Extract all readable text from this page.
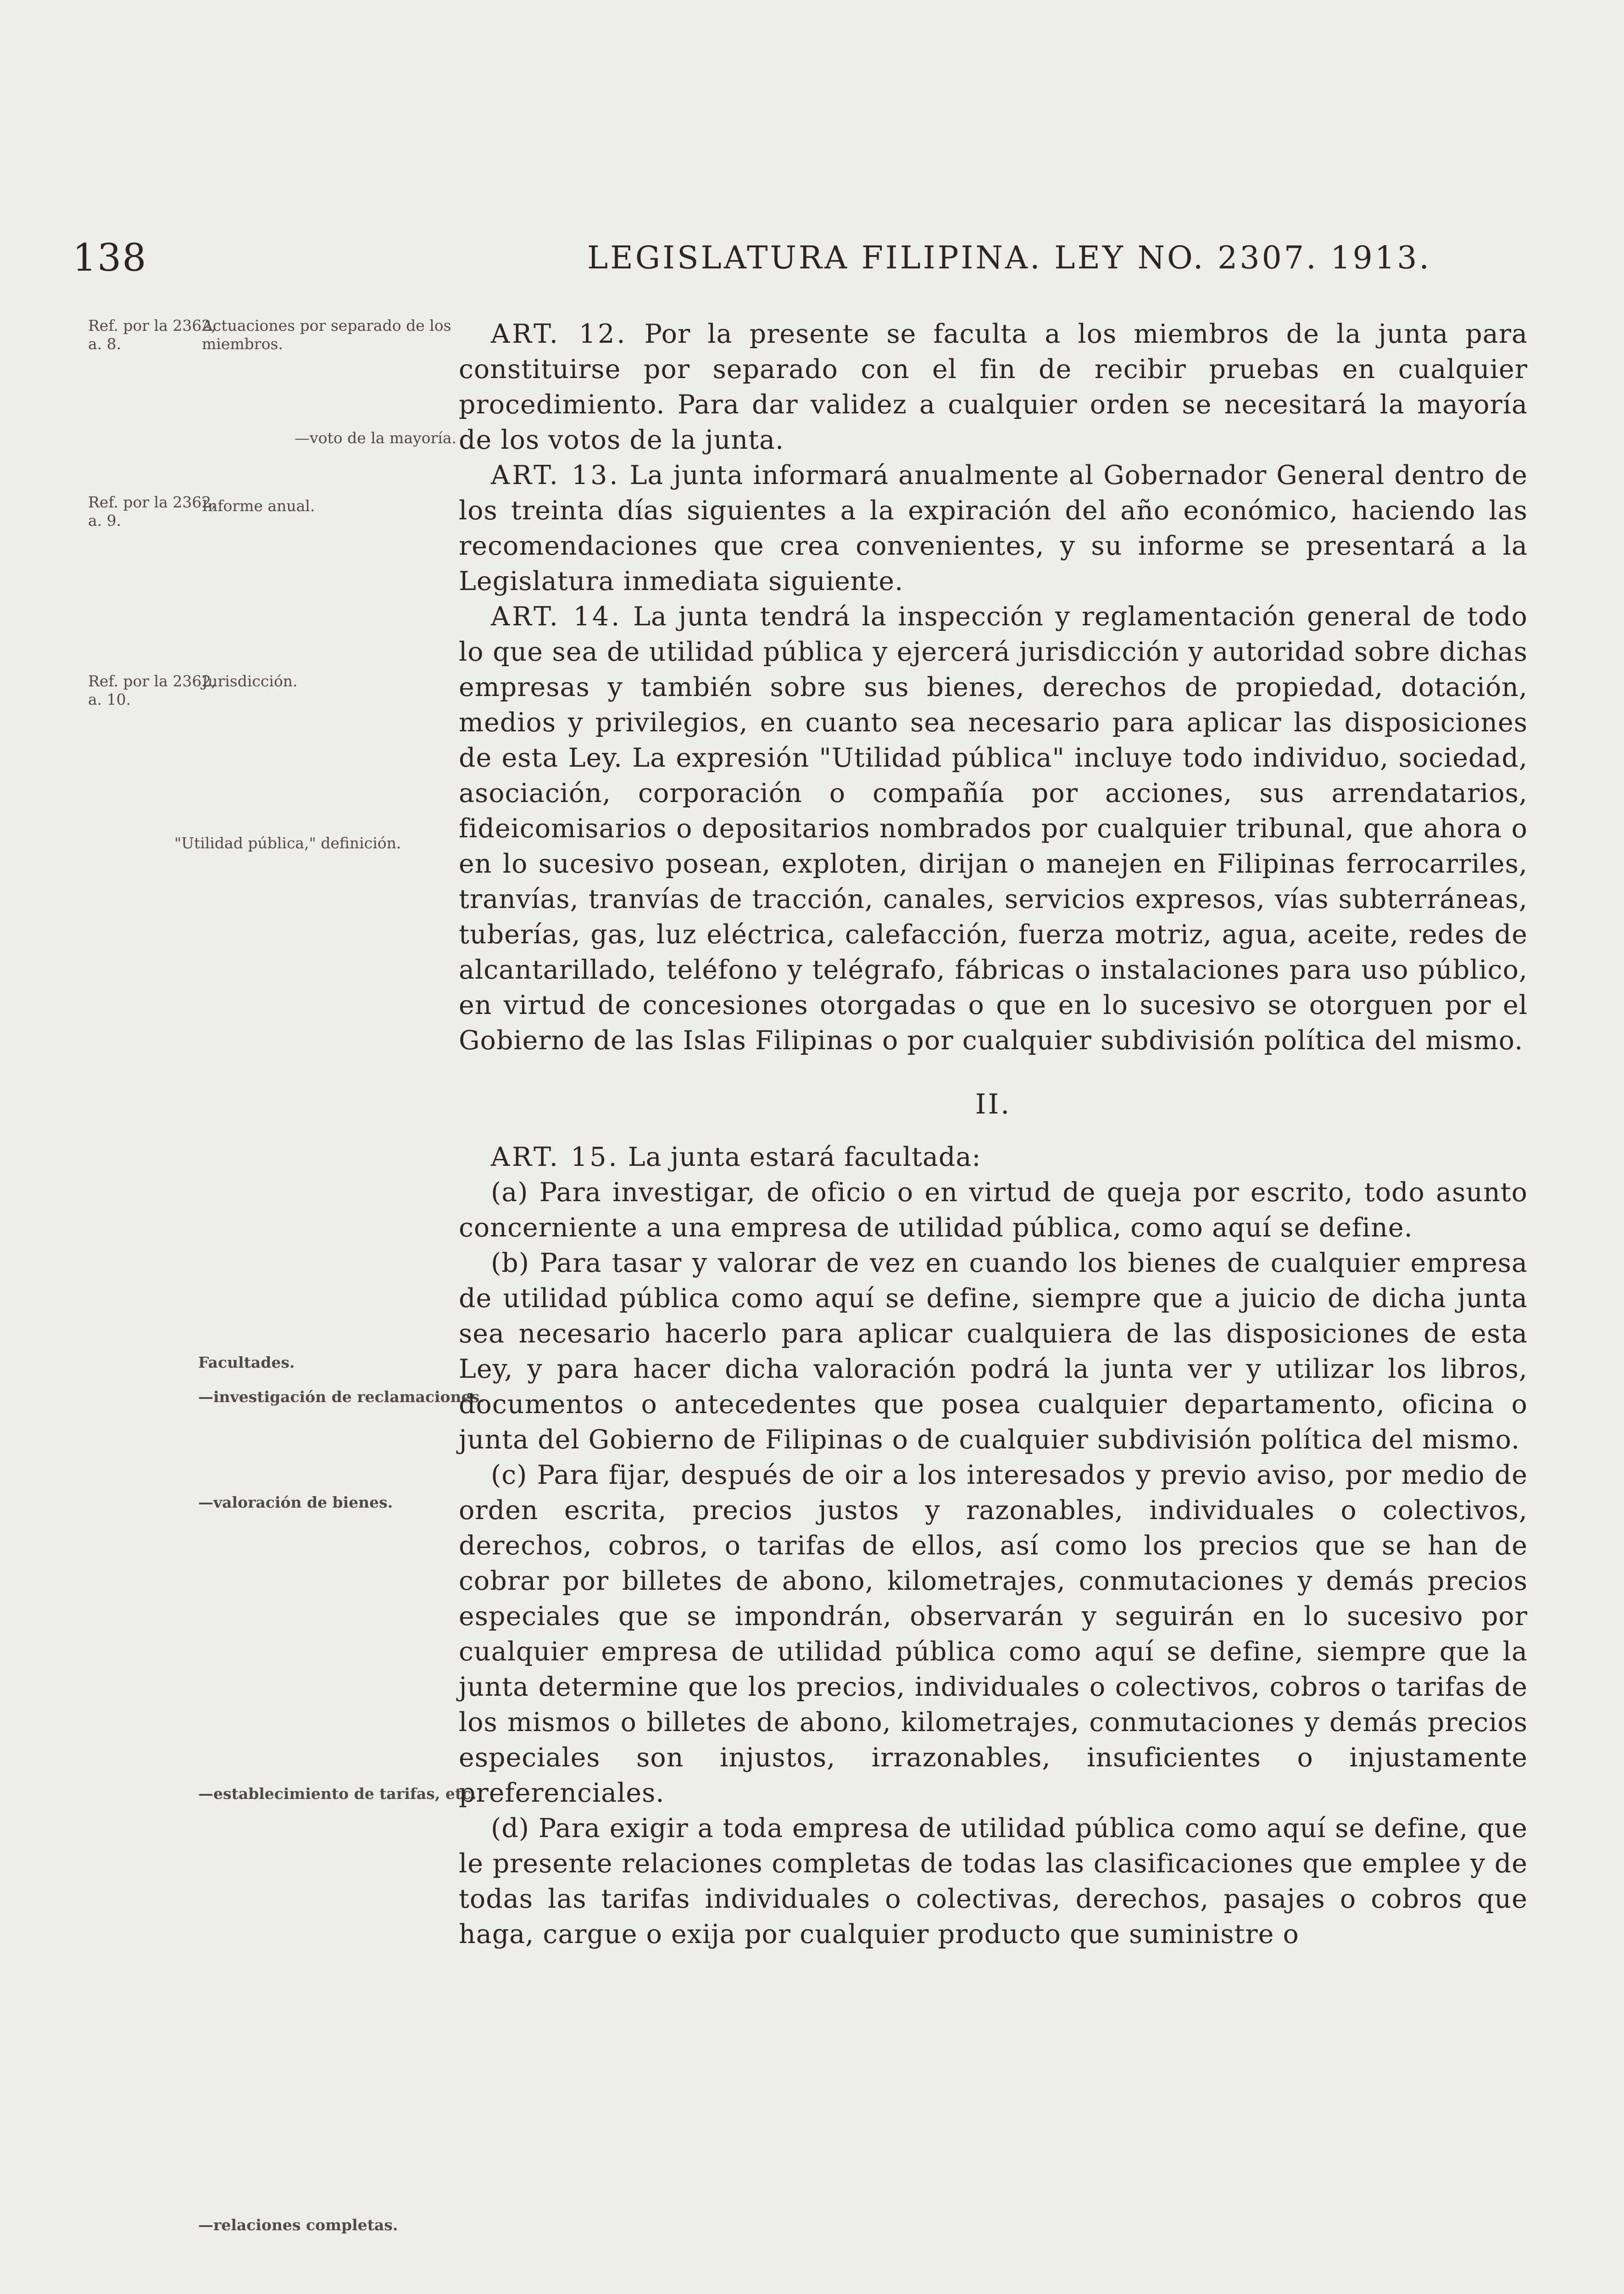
138	LEGISLATURA FILIPINA. LEY NO. 2307. 1913.
Ref. por la 2362, a. 8.
Ref. por la 2362, a. 9.
Ref. por la 2362, a. 10.
Actuaciones por separado de los miembros.
—voto de la mayoría.
Informe anual.
Jurisdicción.
"Utilidad pública," definición.
Facultades.
—investigación de reclamaciones.
—valoración de bienes.
—establecimiento de tarifas, etc.
—relaciones completas.

ART. 12. Por la presente se faculta a los miembros de la junta para constituirse por separado con el fin de recibir pruebas en cualquier procedimiento. Para dar validez a cualquier orden se necesitará la mayoría de los votos de la junta.

ART. 13. La junta informará anualmente al Gobernador General dentro de los treinta días siguientes a la expiración del año económico, haciendo las recomendaciones que crea convenientes, y su informe se presentará a la Legislatura inmediata siguiente.

ART. 14. La junta tendrá la inspección y reglamentación general de todo lo que sea de utilidad pública y ejercerá jurisdicción y autoridad sobre dichas empresas y también sobre sus bienes, derechos de propiedad, dotación, medios y privilegios, en cuanto sea necesario para aplicar las disposiciones de esta Ley. La expresión "Utilidad pública" incluye todo individuo, sociedad, asociación, corporación o compañía por acciones, sus arrendatarios, fideicomisarios o depositarios nombrados por cualquier tribunal, que ahora o en lo sucesivo posean, exploten, dirijan o manejen en Filipinas ferrocarriles, tranvías, tranvías de tracción, canales, servicios expresos, vías subterráneas, tuberías, gas, luz eléctrica, calefacción, fuerza motriz, agua, aceite, redes de alcantarillado, teléfono y telégrafo, fábricas o instalaciones para uso público, en virtud de concesiones otorgadas o que en lo sucesivo se otorguen por el Gobierno de las Islas Filipinas o por cualquier subdivisión política del mismo.

II.

ART. 15. La junta estará facultada:

(a) Para investigar, de oficio o en virtud de queja por escrito, todo asunto concerniente a una empresa de utilidad pública, como aquí se define.

(b) Para tasar y valorar de vez en cuando los bienes de cualquier empresa de utilidad pública como aquí se define, siempre que a juicio de dicha junta sea necesario hacerlo para aplicar cualquiera de las disposiciones de esta Ley, y para hacer dicha valoración podrá la junta ver y utilizar los libros, documentos o antecedentes que posea cualquier departamento, oficina o junta del Gobierno de Filipinas o de cualquier subdivisión política del mismo.

(c) Para fijar, después de oir a los interesados y previo aviso, por medio de orden escrita, precios justos y razonables, individuales o colectivos, derechos, cobros, o tarifas de ellos, así como los precios que se han de cobrar por billetes de abono, kilometrajes, conmutaciones y demás precios especiales que se impondrán, observarán y seguirán en lo sucesivo por cualquier empresa de utilidad pública como aquí se define, siempre que la junta determine que los precios, individuales o colectivos, cobros o tarifas de los mismos o billetes de abono, kilometrajes, conmutaciones y demás precios especiales son injustos, irrazonables, insuficientes o injustamente preferenciales.

(d) Para exigir a toda empresa de utilidad pública como aquí se define, que le presente relaciones completas de todas las clasificaciones que emplee y de todas las tarifas individuales o colectivas, derechos, pasajes o cobros que haga, cargue o exija por cualquier producto que suministre o
